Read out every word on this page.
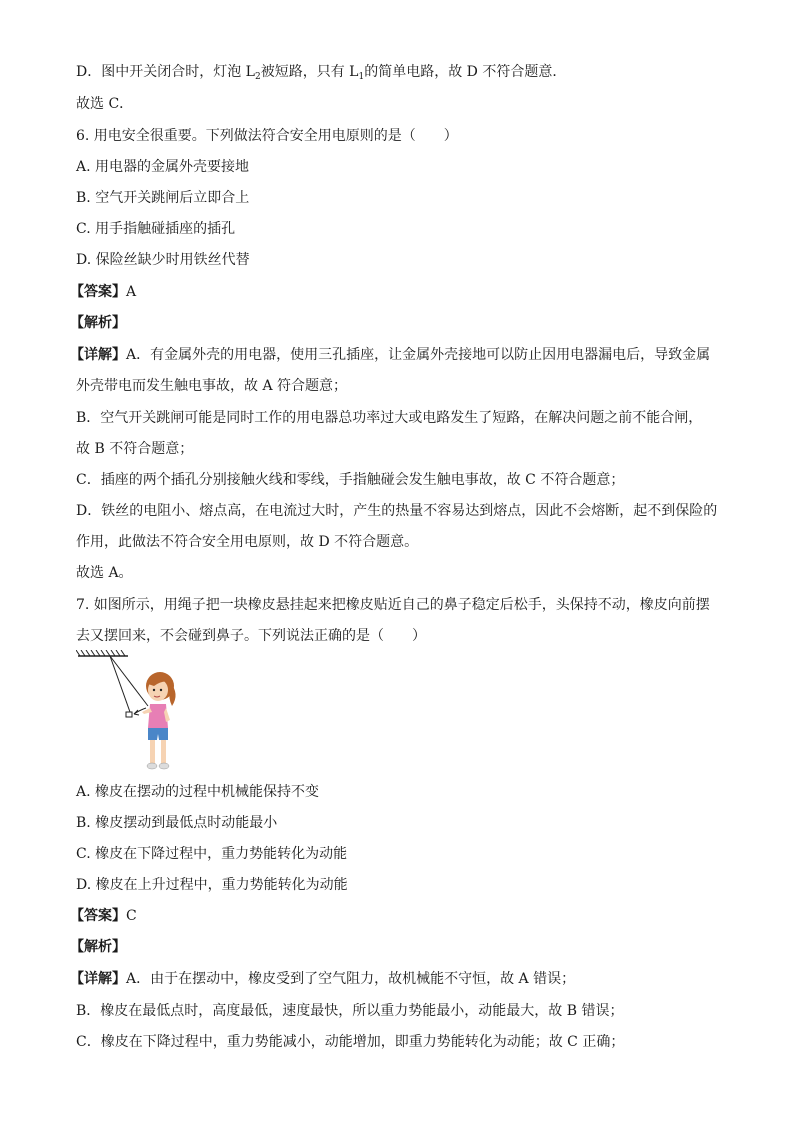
D．图中开关闭合时，灯泡 $L_2$被短路，只有 $L_1$的简单电路，故 D 不符合题意．
故选 C．
6. 用电安全很重要。下列做法符合安全用电原则的是（　　）
A. 用电器的金属外壳要接地
B. 空气开关跳闸后立即合上
C. 用手指触碰插座的插孔
D. 保险丝缺少时用铁丝代替
【答案】A
【解析】
【详解】A．有金属外壳的用电器，使用三孔插座，让金属外壳接地可以防止因用电器漏电后，导致金属
外壳带电而发生触电事故，故 A 符合题意；
B．空气开关跳闸可能是同时工作的用电器总功率过大或电路发生了短路，在解决问题之前不能合闸，
故 B 不符合题意；
C．插座的两个插孔分别接触火线和零线，手指触碰会发生触电事故，故 C 不符合题意；
D．铁丝的电阻小、熔点高，在电流过大时，产生的热量不容易达到熔点，因此不会熔断，起不到保险的
作用，此做法不符合安全用电原则，故 D 不符合题意。
故选 A。
7. 如图所示，用绳子把一块橡皮悬挂起来把橡皮贴近自己的鼻子稳定后松手，头保持不动，橡皮向前摆
去又摆回来，不会碰到鼻子。下列说法正确的是（　　）
A. 橡皮在摆动的过程中机械能保持不变
B. 橡皮摆动到最低点时动能最小
C. 橡皮在下降过程中，重力势能转化为动能
D. 橡皮在上升过程中，重力势能转化为动能
【答案】C
【解析】
【详解】A．由于在摆动中，橡皮受到了空气阻力，故机械能不守恒，故 A 错误；
B．橡皮在最低点时，高度最低，速度最快，所以重力势能最小，动能最大，故 B 错误；
C．橡皮在下降过程中，重力势能减小，动能增加，即重力势能转化为动能；故 C 正确；
